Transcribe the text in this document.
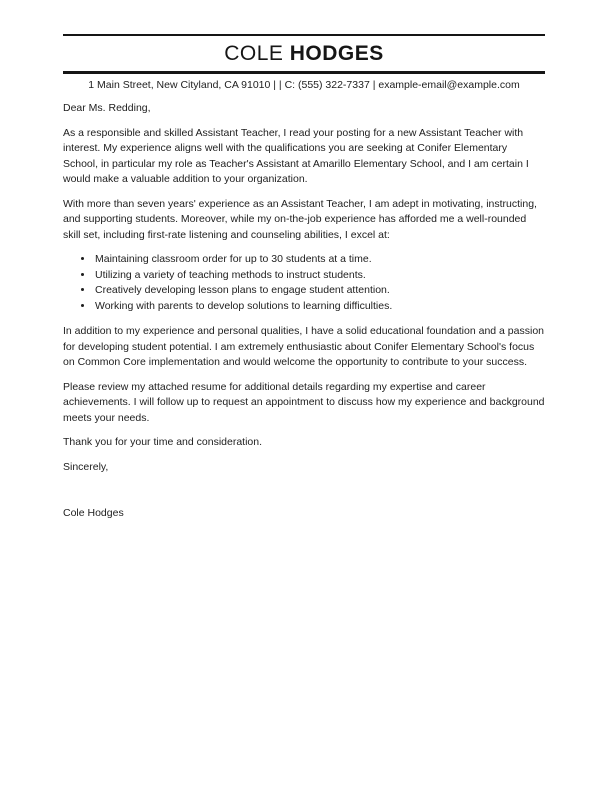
COLE HODGES
1 Main Street, New Cityland, CA 91010 | | C: (555) 322-7337 | example-email@example.com

Dear Ms. Redding,

As a responsible and skilled Assistant Teacher, I read your posting for a new Assistant Teacher with interest. My experience aligns well with the qualifications you are seeking at Conifer Elementary School, in particular my role as Teacher's Assistant at Amarillo Elementary School, and I am certain I would make a valuable addition to your organization.

With more than seven years' experience as an Assistant Teacher, I am adept in motivating, instructing, and supporting students. Moreover, while my on-the-job experience has afforded me a well-rounded skill set, including first-rate listening and counseling abilities, I excel at:

• Maintaining classroom order for up to 30 students at a time.
• Utilizing a variety of teaching methods to instruct students.
• Creatively developing lesson plans to engage student attention.
• Working with parents to develop solutions to learning difficulties.

In addition to my experience and personal qualities, I have a solid educational foundation and a passion for developing student potential. I am extremely enthusiastic about Conifer Elementary School's focus on Common Core implementation and would welcome the opportunity to contribute to your success.

Please review my attached resume for additional details regarding my expertise and career achievements. I will follow up to request an appointment to discuss how my experience and background meets your needs.

Thank you for your time and consideration.

Sincerely,

Cole Hodges
